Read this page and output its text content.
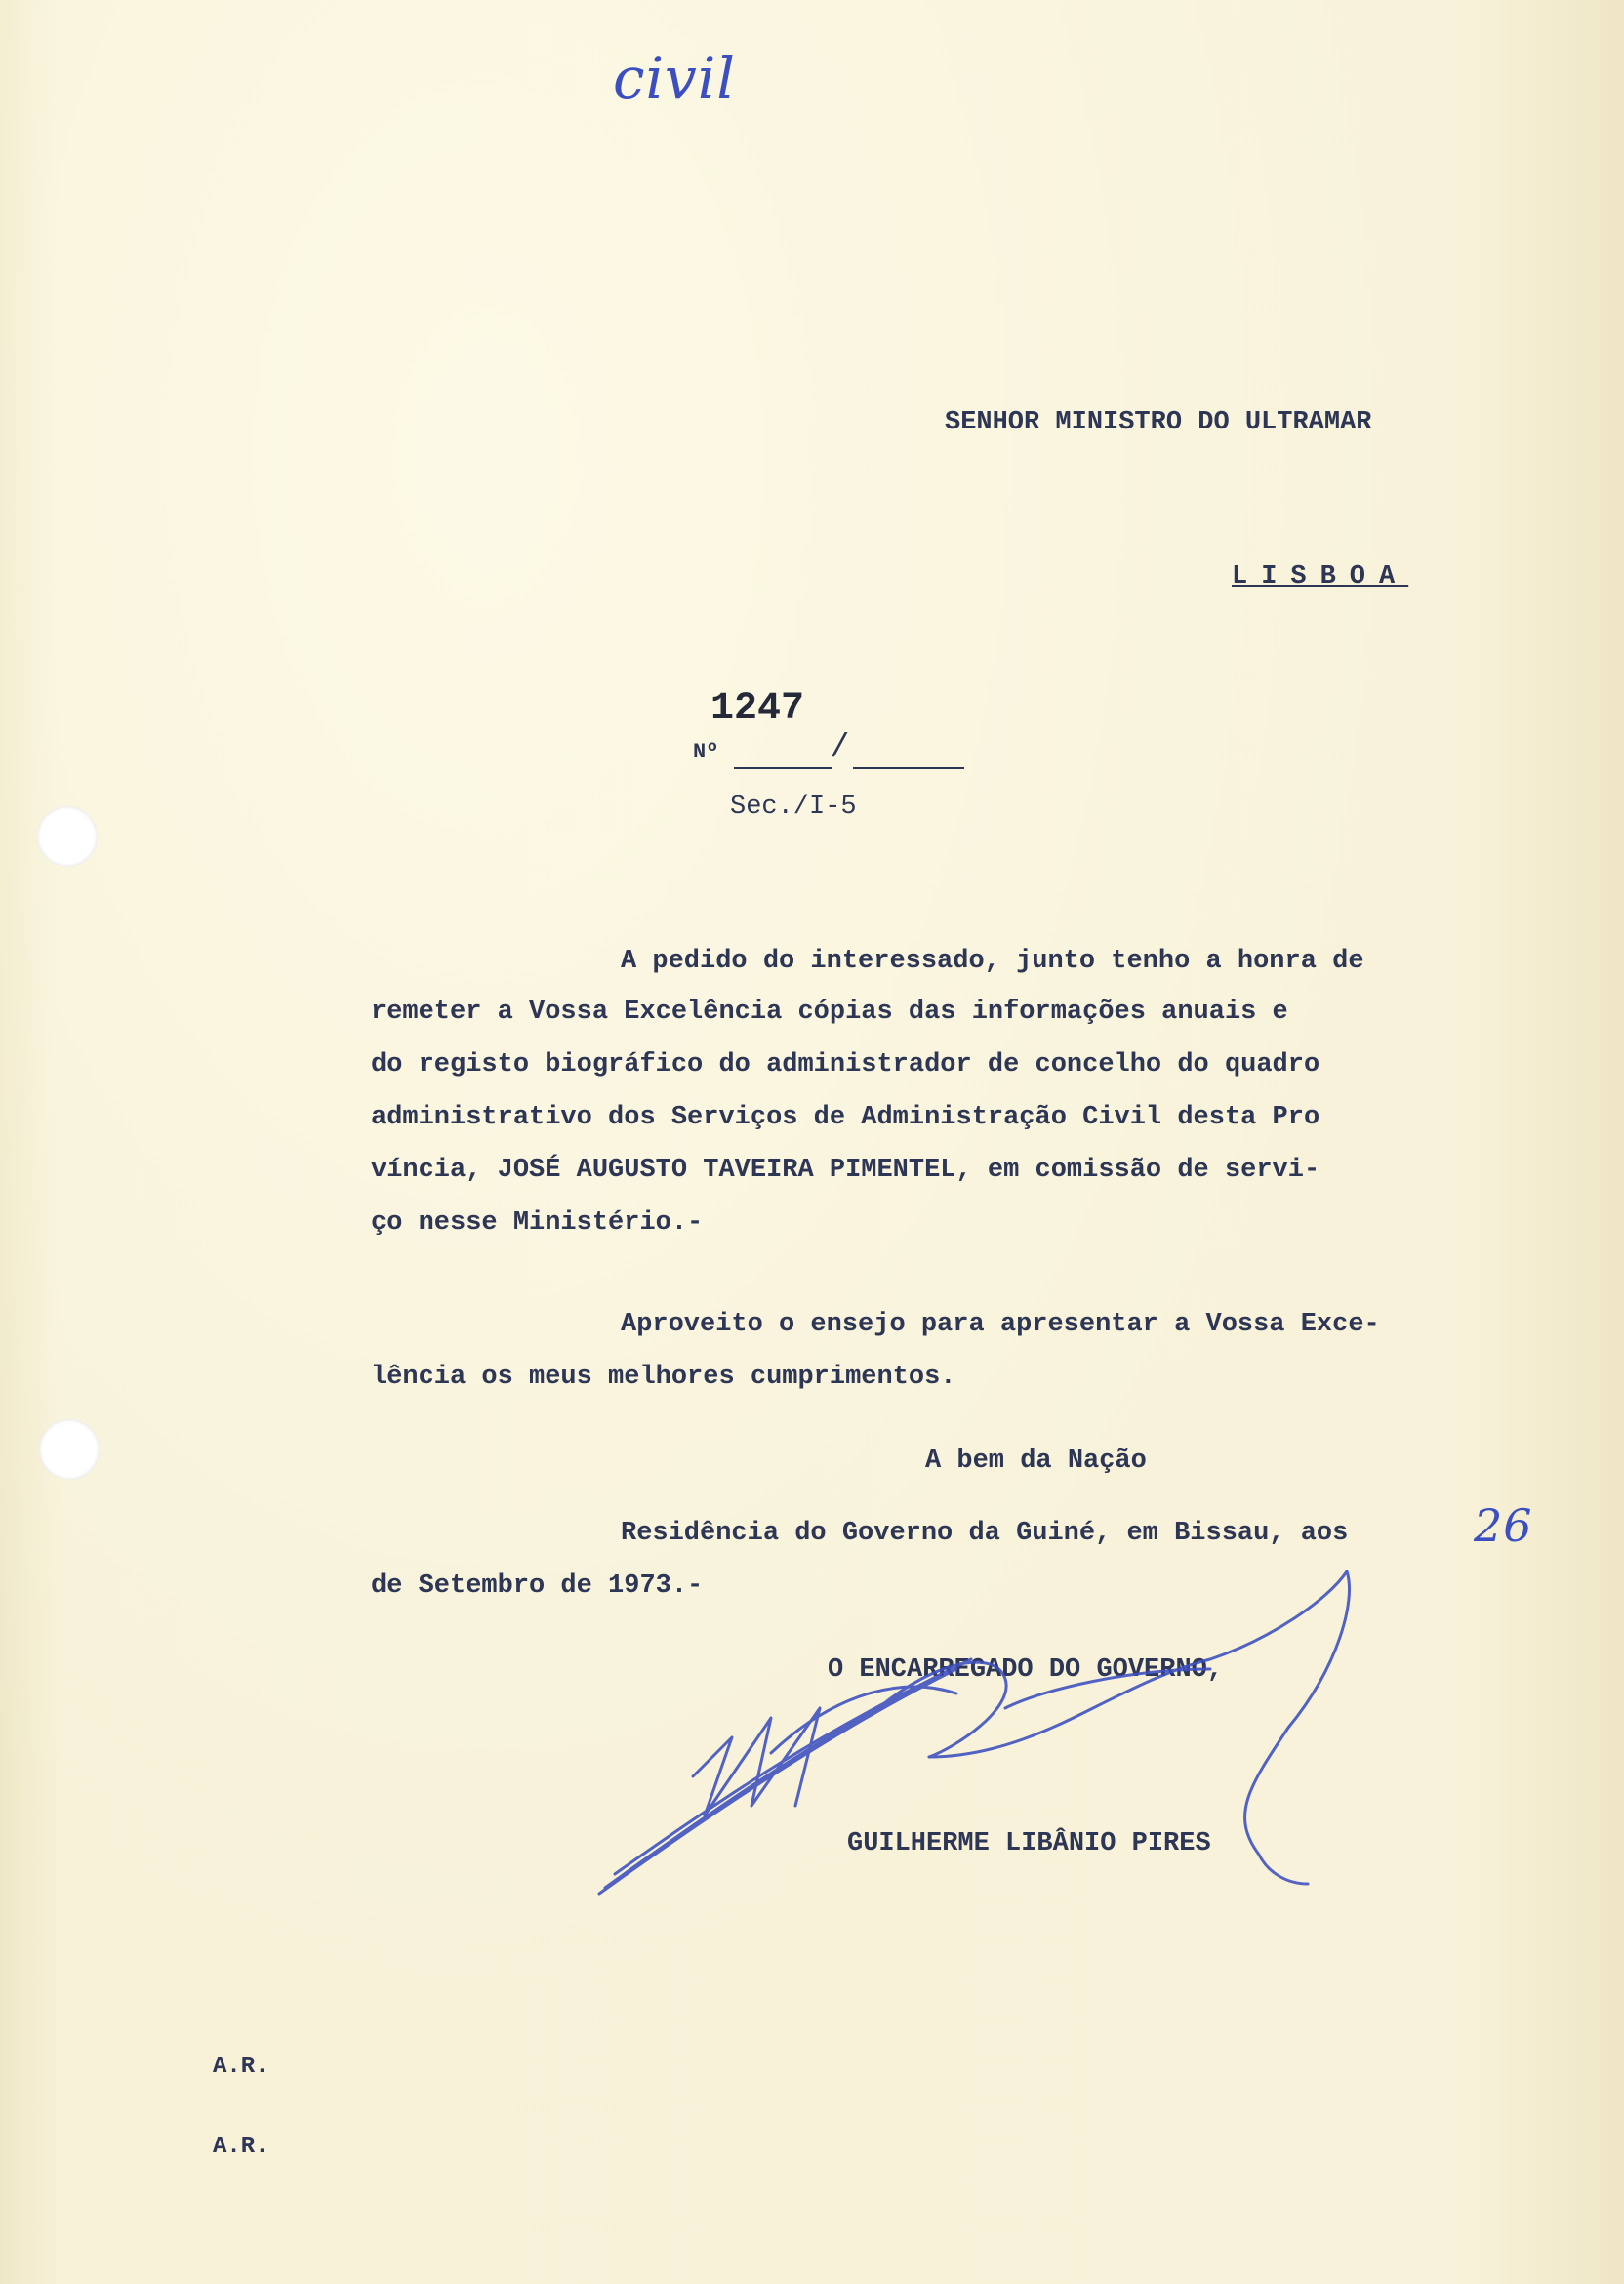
civil
SENHOR MINISTRO DO ULTRAMAR
LISBOA
1247
Nº	/
Sec./I-5
A pedido do interessado, junto tenho a honra de
remeter a Vossa Excelência cópias das informações anuais e
do registo biográfico do administrador de concelho do quadro
administrativo dos Serviços de Administração Civil desta Pro
víncia, JOSÉ AUGUSTO TAVEIRA PIMENTEL, em comissão de servi-
ço nesse Ministério.-
Aproveito o ensejo para apresentar a Vossa Exce-
lência os meus melhores cumprimentos.
A bem da Nação
Residência do Governo da Guiné, em Bissau, aos	26
de Setembro de 1973.-
O ENCARREGADO DO GOVERNO,
GUILHERME LIBÂNIO PIRES
A.R.
A.R.
